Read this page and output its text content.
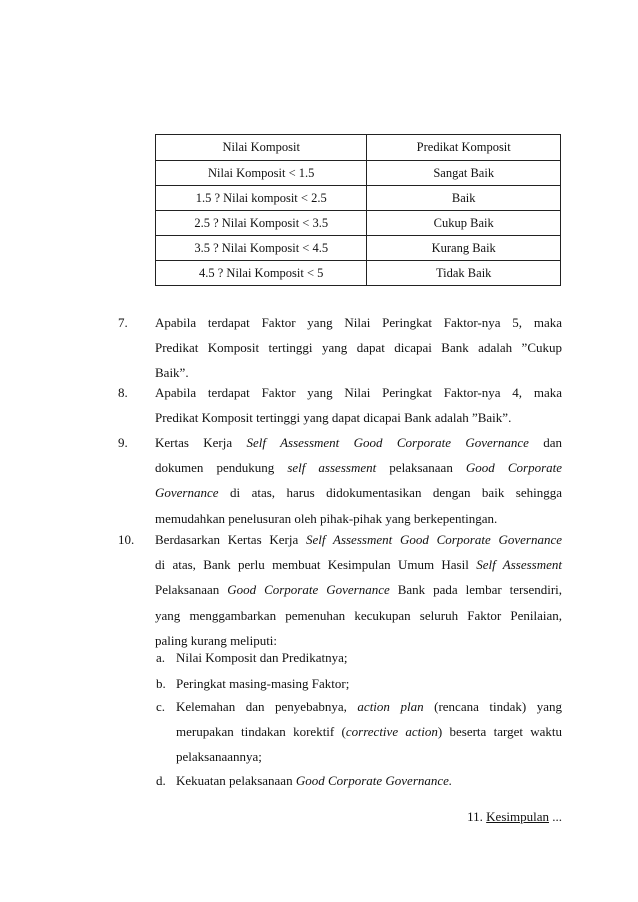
Nilai Komposit	Predikat Komposit
Nilai Komposit < 1.5	Sangat Baik
1.5 ? Nilai komposit < 2.5	Baik
2.5 ? Nilai Komposit < 3.5	Cukup Baik
3.5 ? Nilai Komposit < 4.5	Kurang Baik
4.5 ? Nilai Komposit < 5	Tidak Baik
7. Apabila terdapat Faktor yang Nilai Peringkat Faktor-nya 5, maka
Predikat Komposit tertinggi yang dapat dicapai Bank adalah ”Cukup
Baik”.
8. Apabila terdapat Faktor yang Nilai Peringkat Faktor-nya 4, maka
Predikat Komposit tertinggi yang dapat dicapai Bank adalah ”Baik”.
9. Kertas Kerja Self Assessment Good Corporate Governance dan
dokumen pendukung self assessment pelaksanaan Good Corporate
Governance di atas, harus didokumentasikan dengan baik sehingga
memudahkan penelusuran oleh pihak-pihak yang berkepentingan.
10. Berdasarkan Kertas Kerja Self Assessment Good Corporate Governance
di atas, Bank perlu membuat Kesimpulan Umum Hasil Self Assessment
Pelaksanaan Good Corporate Governance Bank pada lembar tersendiri,
yang menggambarkan pemenuhan kecukupan seluruh Faktor Penilaian,
paling kurang meliputi:
a. Nilai Komposit dan Predikatnya;
b. Peringkat masing-masing Faktor;
c. Kelemahan dan penyebabnya, action plan (rencana tindak) yang
merupakan tindakan korektif (corrective action) beserta target waktu
pelaksanaannya;
d. Kekuatan pelaksanaan Good Corporate Governance.
11. Kesimpulan ...
